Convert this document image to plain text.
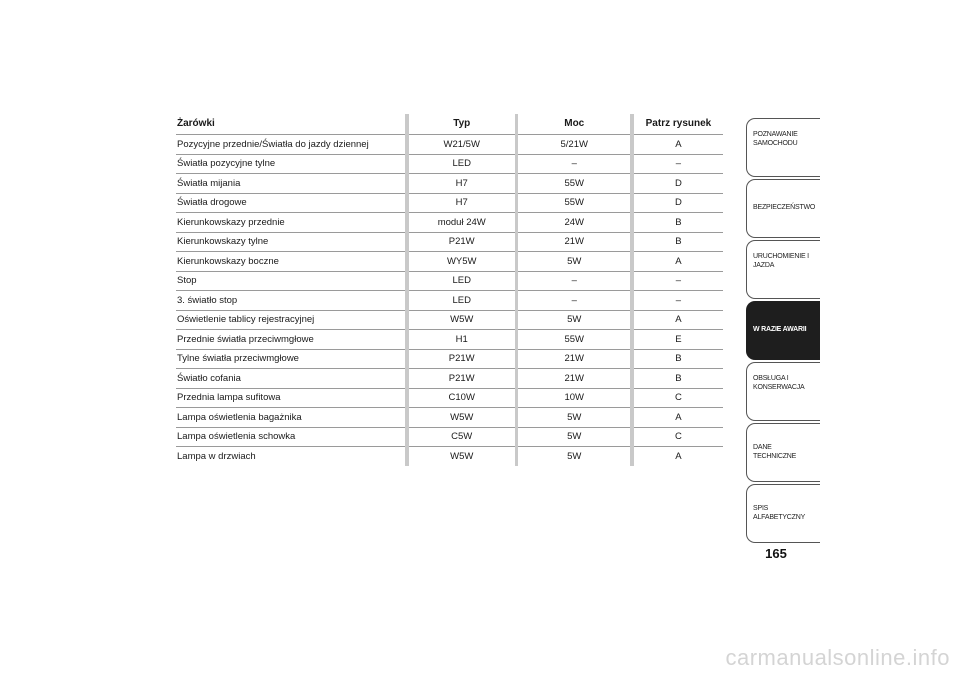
Żarówki	Typ	Moc	Patrz rysunek
Pozycyjne przednie/Światła do jazdy dziennej	W21/5W	5/21W	A
Światła pozycyjne tylne	LED	–	–
Światła mijania	H7	55W	D
Światła drogowe	H7	55W	D
Kierunkowskazy przednie	moduł 24W	24W	B
Kierunkowskazy tylne	P21W	21W	B
Kierunkowskazy boczne	WY5W	5W	A
Stop	LED	–	–
3. światło stop	LED	–	–
Oświetlenie tablicy rejestracyjnej	W5W	5W	A
Przednie światła przeciwmgłowe	H1	55W	E
Tylne światła przeciwmgłowe	P21W	21W	B
Światło cofania	P21W	21W	B
Przednia lampa sufitowa	C10W	10W	C
Lampa oświetlenia bagażnika	W5W	5W	A
Lampa oświetlenia schowka	C5W	5W	C
Lampa w drzwiach	W5W	5W	A
POZNAWANIE
SAMOCHODU
BEZPIECZEŃSTWO
URUCHOMIENIE I
JAZDA
W RAZIE AWARII
OBSŁUGA I
KONSERWACJA
DANE TECHNICZNE
SPIS ALFABETYCZNY
165
carmanualsonline.info
